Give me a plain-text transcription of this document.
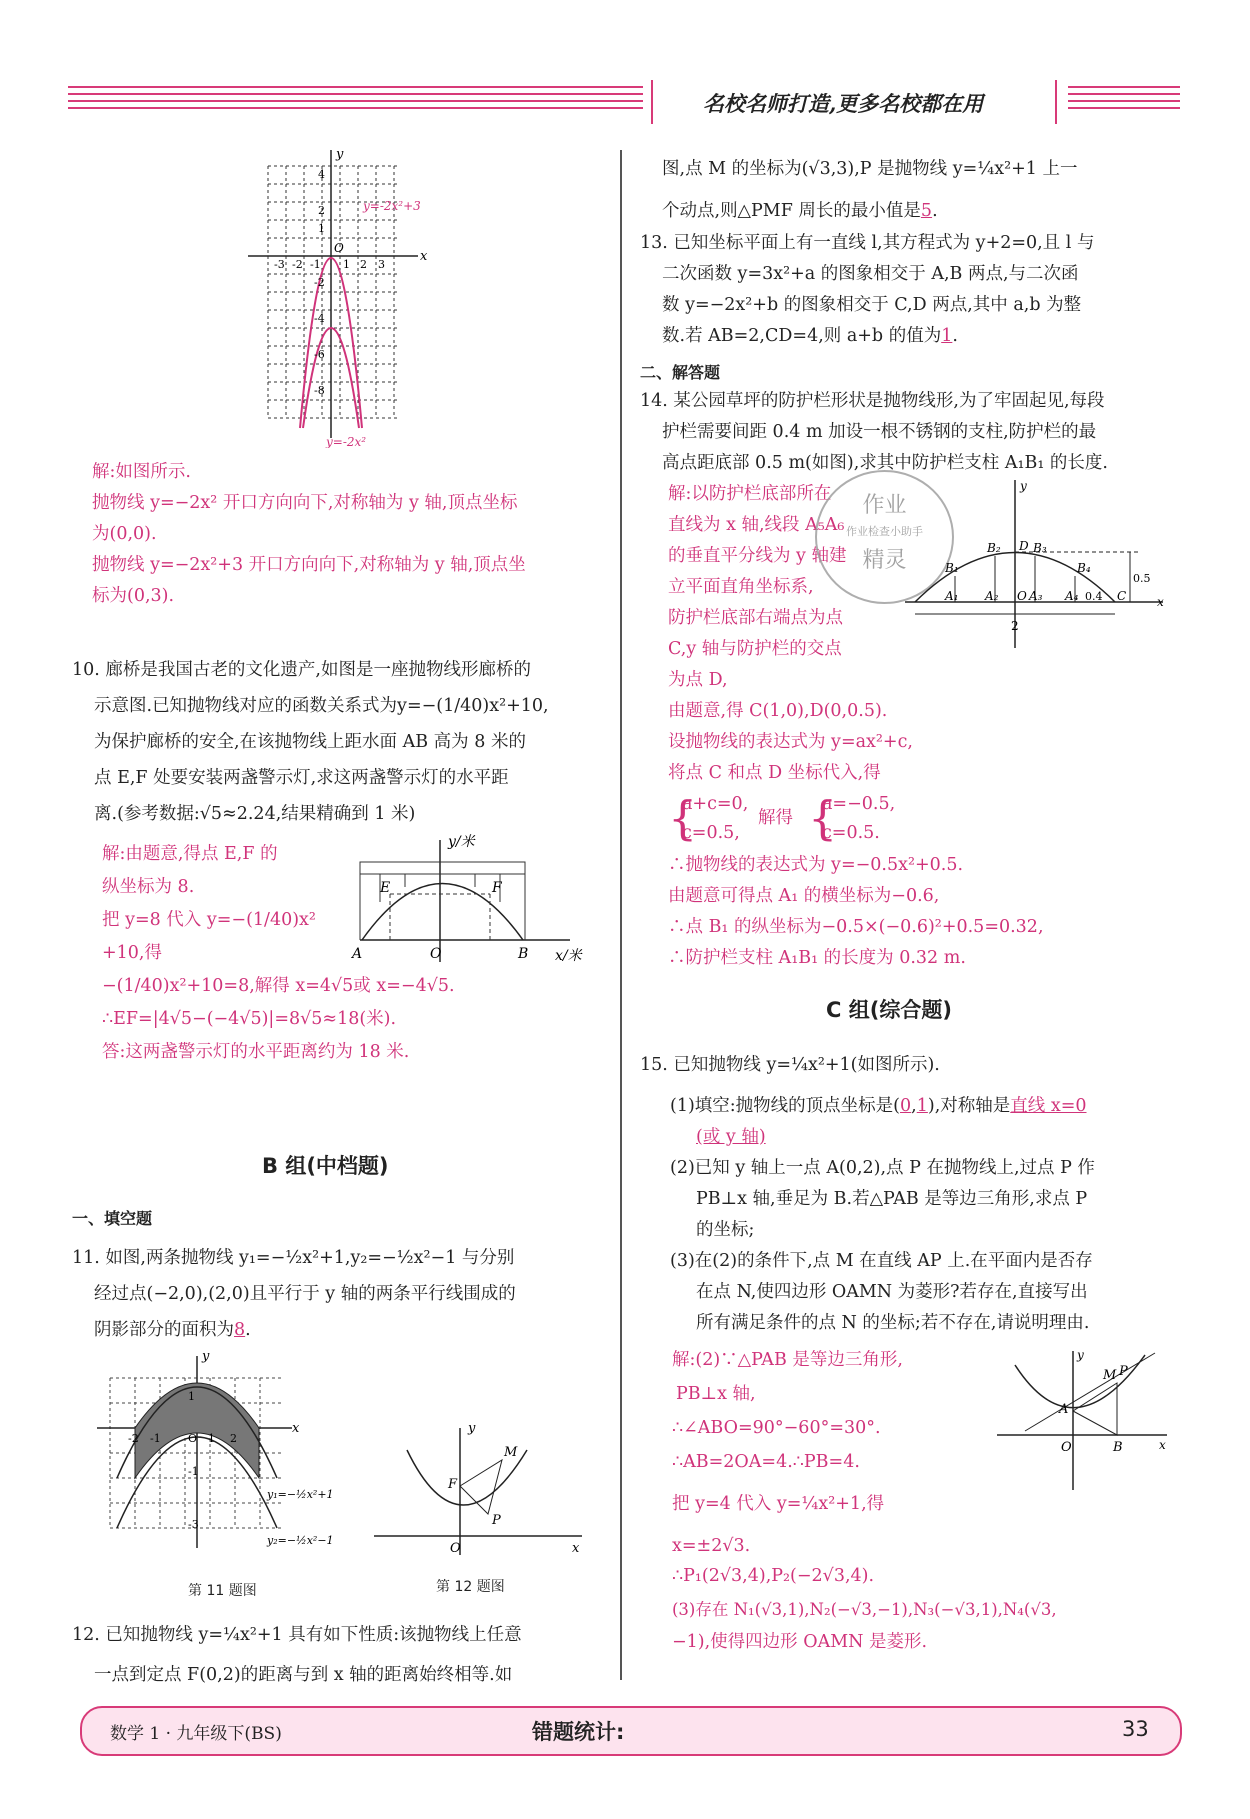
名校名师打造,更多名校都在用
x
y
O
y=-2x²+3
y=-2x²
4
2
1
-2
-4
-6
-8
-3 -2 -1 1 2 3
解:如图所示.
抛物线 y=−2x² 开口方向向下,对称轴为 y 轴,顶点坐标
为(0,0).
抛物线 y=−2x²+3 开口方向向下,对称轴为 y 轴,顶点坐
标为(0,3).
10. 廊桥是我国古老的文化遗产,如图是一座抛物线形廊桥的
示意图.已知抛物线对应的函数关系式为y=−(1/40)x²+10,
为保护廊桥的安全,在该抛物线上距水面 AB 高为 8 米的
点 E,F 处要安装两盏警示灯,求这两盏警示灯的水平距
离.(参考数据:√5≈2.24,结果精确到 1 米)
解:由题意,得点 E,F 的
纵坐标为 8.
把 y=8 代入 y=−(1/40)x²
+10,得
−(1/40)x²+10=8,解得 x=4√5或 x=−4√5.
∴EF=|4√5−(−4√5)|=8√5≈18(米).
答:这两盏警示灯的水平距离约为 18 米.
y/米
x/米
A	O	B
E	F
B 组(中档题)
一、填空题
11. 如图,两条抛物线 y₁=−½x²+1,y₂=−½x²−1 与分别
经过点(−2,0),(2,0)且平行于 y 轴的两条平行线围成的
阴影部分的面积为8.
y
x
y₁=−½x²+1
y₂=−½x²−1
-2 -1 O 1 2
1
-1
-3
第 11 题图
y
x
M
F
P
O
第 12 题图
12. 已知抛物线 y=¼x²+1 具有如下性质:该抛物线上任意
一点到定点 F(0,2)的距离与到 x 轴的距离始终相等.如
图,点 M 的坐标为(√3,3),P 是抛物线 y=¼x²+1 上一
个动点,则△PMF 周长的最小值是5.
13. 已知坐标平面上有一直线 l,其方程式为 y+2=0,且 l 与
二次函数 y=3x²+a 的图象相交于 A,B 两点,与二次函
数 y=−2x²+b 的图象相交于 C,D 两点,其中 a,b 为整
数.若 AB=2,CD=4,则 a+b 的值为1.
二、解答题
14. 某公园草坪的防护栏形状是抛物线形,为了牢固起见,每段
护栏需要间距 0.4 m 加设一根不锈钢的支柱,防护栏的最
高点距底部 0.5 m(如图),求其中防护栏支柱 A₁B₁ 的长度.
解:以防护栏底部所在
直线为 x 轴,线段 A₅A₆
的垂直平分线为 y 轴建
立平面直角坐标系,
防护栏底部右端点为点
C,y 轴与防护栏的交点
为点 D,
由题意,得 C(1,0),D(0,0.5).
设抛物线的表达式为 y=ax²+c,
将点 C 和点 D 坐标代入,得
作业
作业检查小助手
精灵
y
x
B₁
B₂ D B₃
B₄
A₁ A₂ O A₃ A₄	C
0.4
0.5
2
{
a+c=0,
c=0.5,
解得 {
a=−0.5,
c=0.5.
∴抛物线的表达式为 y=−0.5x²+0.5.
由题意可得点 A₁ 的横坐标为−0.6,
∴点 B₁ 的纵坐标为−0.5×(−0.6)²+0.5=0.32,
∴防护栏支柱 A₁B₁ 的长度为 0.32 m.
C 组(综合题)
15. 已知抛物线 y=¼x²+1(如图所示).
(1)填空:抛物线的顶点坐标是(0,1),对称轴是直线 x=0
(或 y 轴)
(2)已知 y 轴上一点 A(0,2),点 P 在抛物线上,过点 P 作
PB⊥x 轴,垂足为 B.若△PAB 是等边三角形,求点 P
的坐标;
(3)在(2)的条件下,点 M 在直线 AP 上.在平面内是否存
在点 N,使四边形 OAMN 为菱形?若存在,直接写出
所有满足条件的点 N 的坐标;若不存在,请说明理由.
解:(2)∵△PAB 是等边三角形,
PB⊥x 轴,
∴∠ABO=90°−60°=30°.
∴AB=2OA=4.∴PB=4.
把 y=4 代入 y=¼x²+1,得
x=±2√3.
y
x
M P
A
O	B
∴P₁(2√3,4),P₂(−2√3,4).
(3)存在 N₁(√3,1),N₂(−√3,−1),N₃(−√3,1),N₄(√3,
−1),使得四边形 OAMN 是菱形.
数学 1 · 九年级下(BS)	错题统计:	33
